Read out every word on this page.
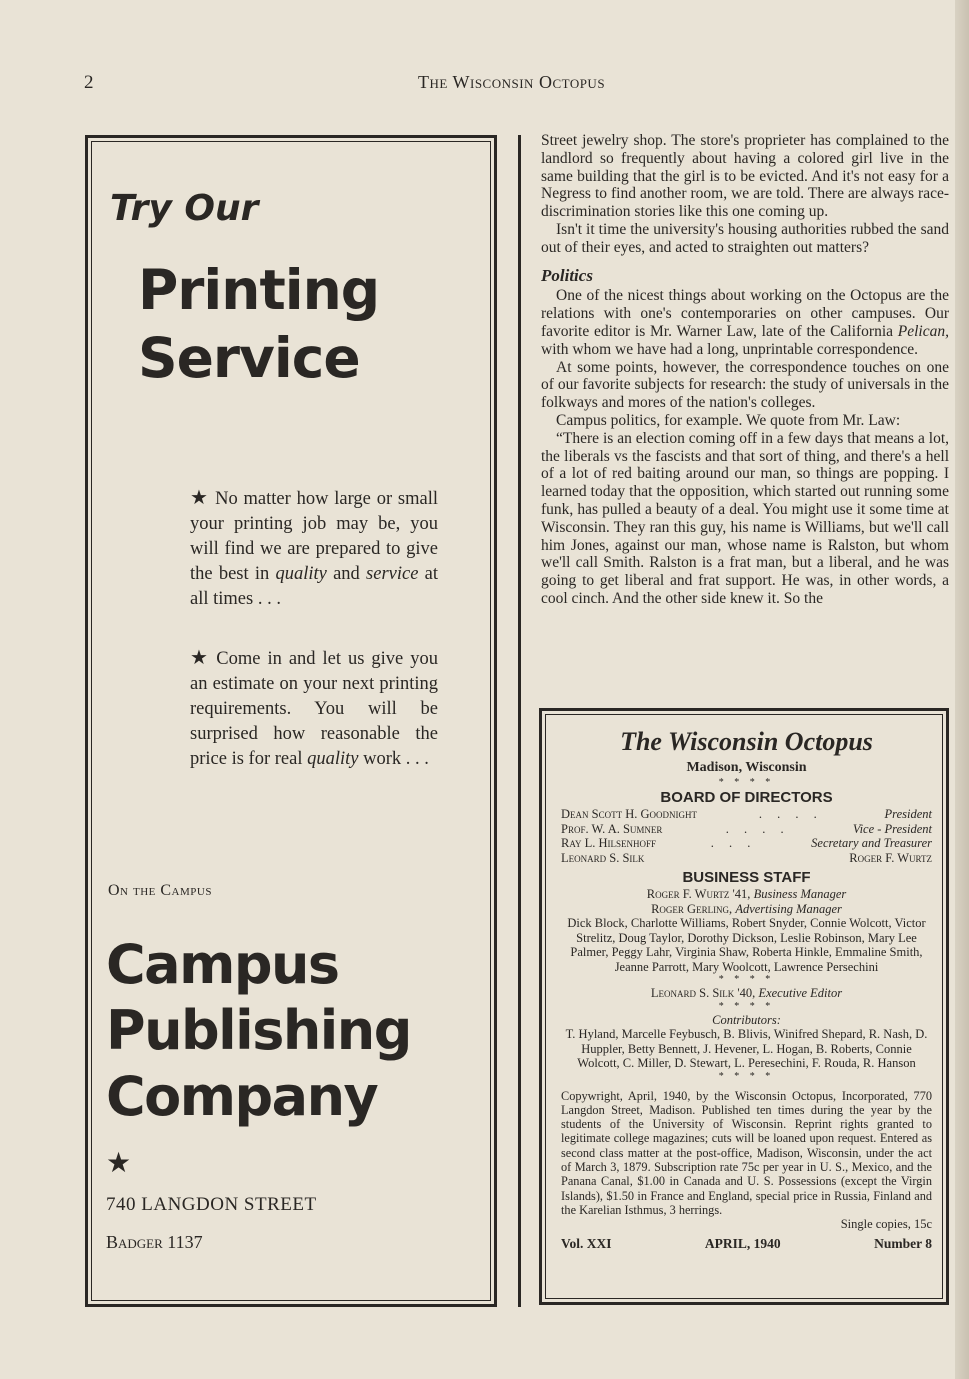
2	The Wisconsin Octopus
Try Our
Printing
Service
★ No matter how large or small your printing job may be, you will find we are prepared to give the best in quality and service at all times . . .
★ Come in and let us give you an estimate on your next printing requirements. You will be surprised how reasonable the price is for real quality work . . .
On the Campus
Campus
Publishing
Company
★
740 LANGDON STREET
Badger 1137

Street jewelry shop. The store's proprieter has complained to the landlord so frequently about having a colored girl live in the same building that the girl is to be evicted. And it's not easy for a Negress to find another room, we are told. There are always race-discrimination stories like this one coming up.

Isn't it time the university's housing authorities rubbed the sand out of their eyes, and acted to straighten out matters?

Politics

One of the nicest things about working on the Octopus are the relations with one's contemporaries on other campuses. Our favorite editor is Mr. Warner Law, late of the California Pelican, with whom we have had a long, unprintable correspondence.

At some points, however, the correspondence touches on one of our favorite subjects for research: the study of universals in the folkways and mores of the nation's colleges.

Campus politics, for example. We quote from Mr. Law:

“There is an election coming off in a few days that means a lot, the liberals vs the fascists and that sort of thing, and there's a hell of a lot of red baiting around our man, so things are popping. I learned today that the opposition, which started out running some funk, has pulled a beauty of a deal. You might use it some time at Wisconsin. They ran this guy, his name is Williams, but we'll call him Jones, against our man, whose name is Ralston, but whom we'll call Smith. Ralston is a frat man, but a liberal, and he was going to get liberal and frat support. He was, in other words, a cool cinch. And the other side knew it. So the

The Wisconsin Octopus
Madison, Wisconsin
* * * *
BOARD OF DIRECTORS
Dean Scott H. Goodnight	. . . .	President
Prof. W. A. Sumner	. . . .	Vice - President
Ray L. Hilsenhoff	. . .	Secretary and Treasurer
Leonard S. Silk	Roger F. Wurtz
BUSINESS STAFF
Roger F. Wurtz '41, Business Manager
Roger Gerling, Advertising Manager
Dick Block, Charlotte Williams, Robert Snyder, Connie Wolcott, Victor Strelitz, Doug Taylor, Dorothy Dickson, Leslie Robinson, Mary Lee Palmer, Peggy Lahr, Virginia Shaw, Roberta Hinkle, Emmaline Smith, Jeanne Parrott, Mary Woolcott, Lawrence Persechini
* * * *
Leonard S. Silk '40, Executive Editor
* * * *
Contributors:
T. Hyland, Marcelle Feybusch, B. Blivis, Winifred Shepard, R. Nash, D. Huppler, Betty Bennett, J. Hevener, L. Hogan, B. Roberts, Connie Wolcott, C. Miller, D. Stewart, L. Peresechini, F. Rouda, R. Hanson
* * * *
Copywright, April, 1940, by the Wisconsin Octopus, Incorporated, 770 Langdon Street, Madison. Published ten times during the year by the students of the University of Wisconsin. Reprint rights granted to legitimate college magazines; cuts will be loaned upon request. Entered as second class matter at the post-office, Madison, Wisconsin, under the act of March 3, 1879. Subscription rate 75c per year in U. S., Mexico, and the Panana Canal, $1.00 in Canada and U. S. Possessions (except the Virgin Islands), $1.50 in France and England, special price in Russia, Finland and the Karelian Isthmus, 3 herrings.
Single copies, 15c
Vol. XXI	APRIL, 1940	Number 8
